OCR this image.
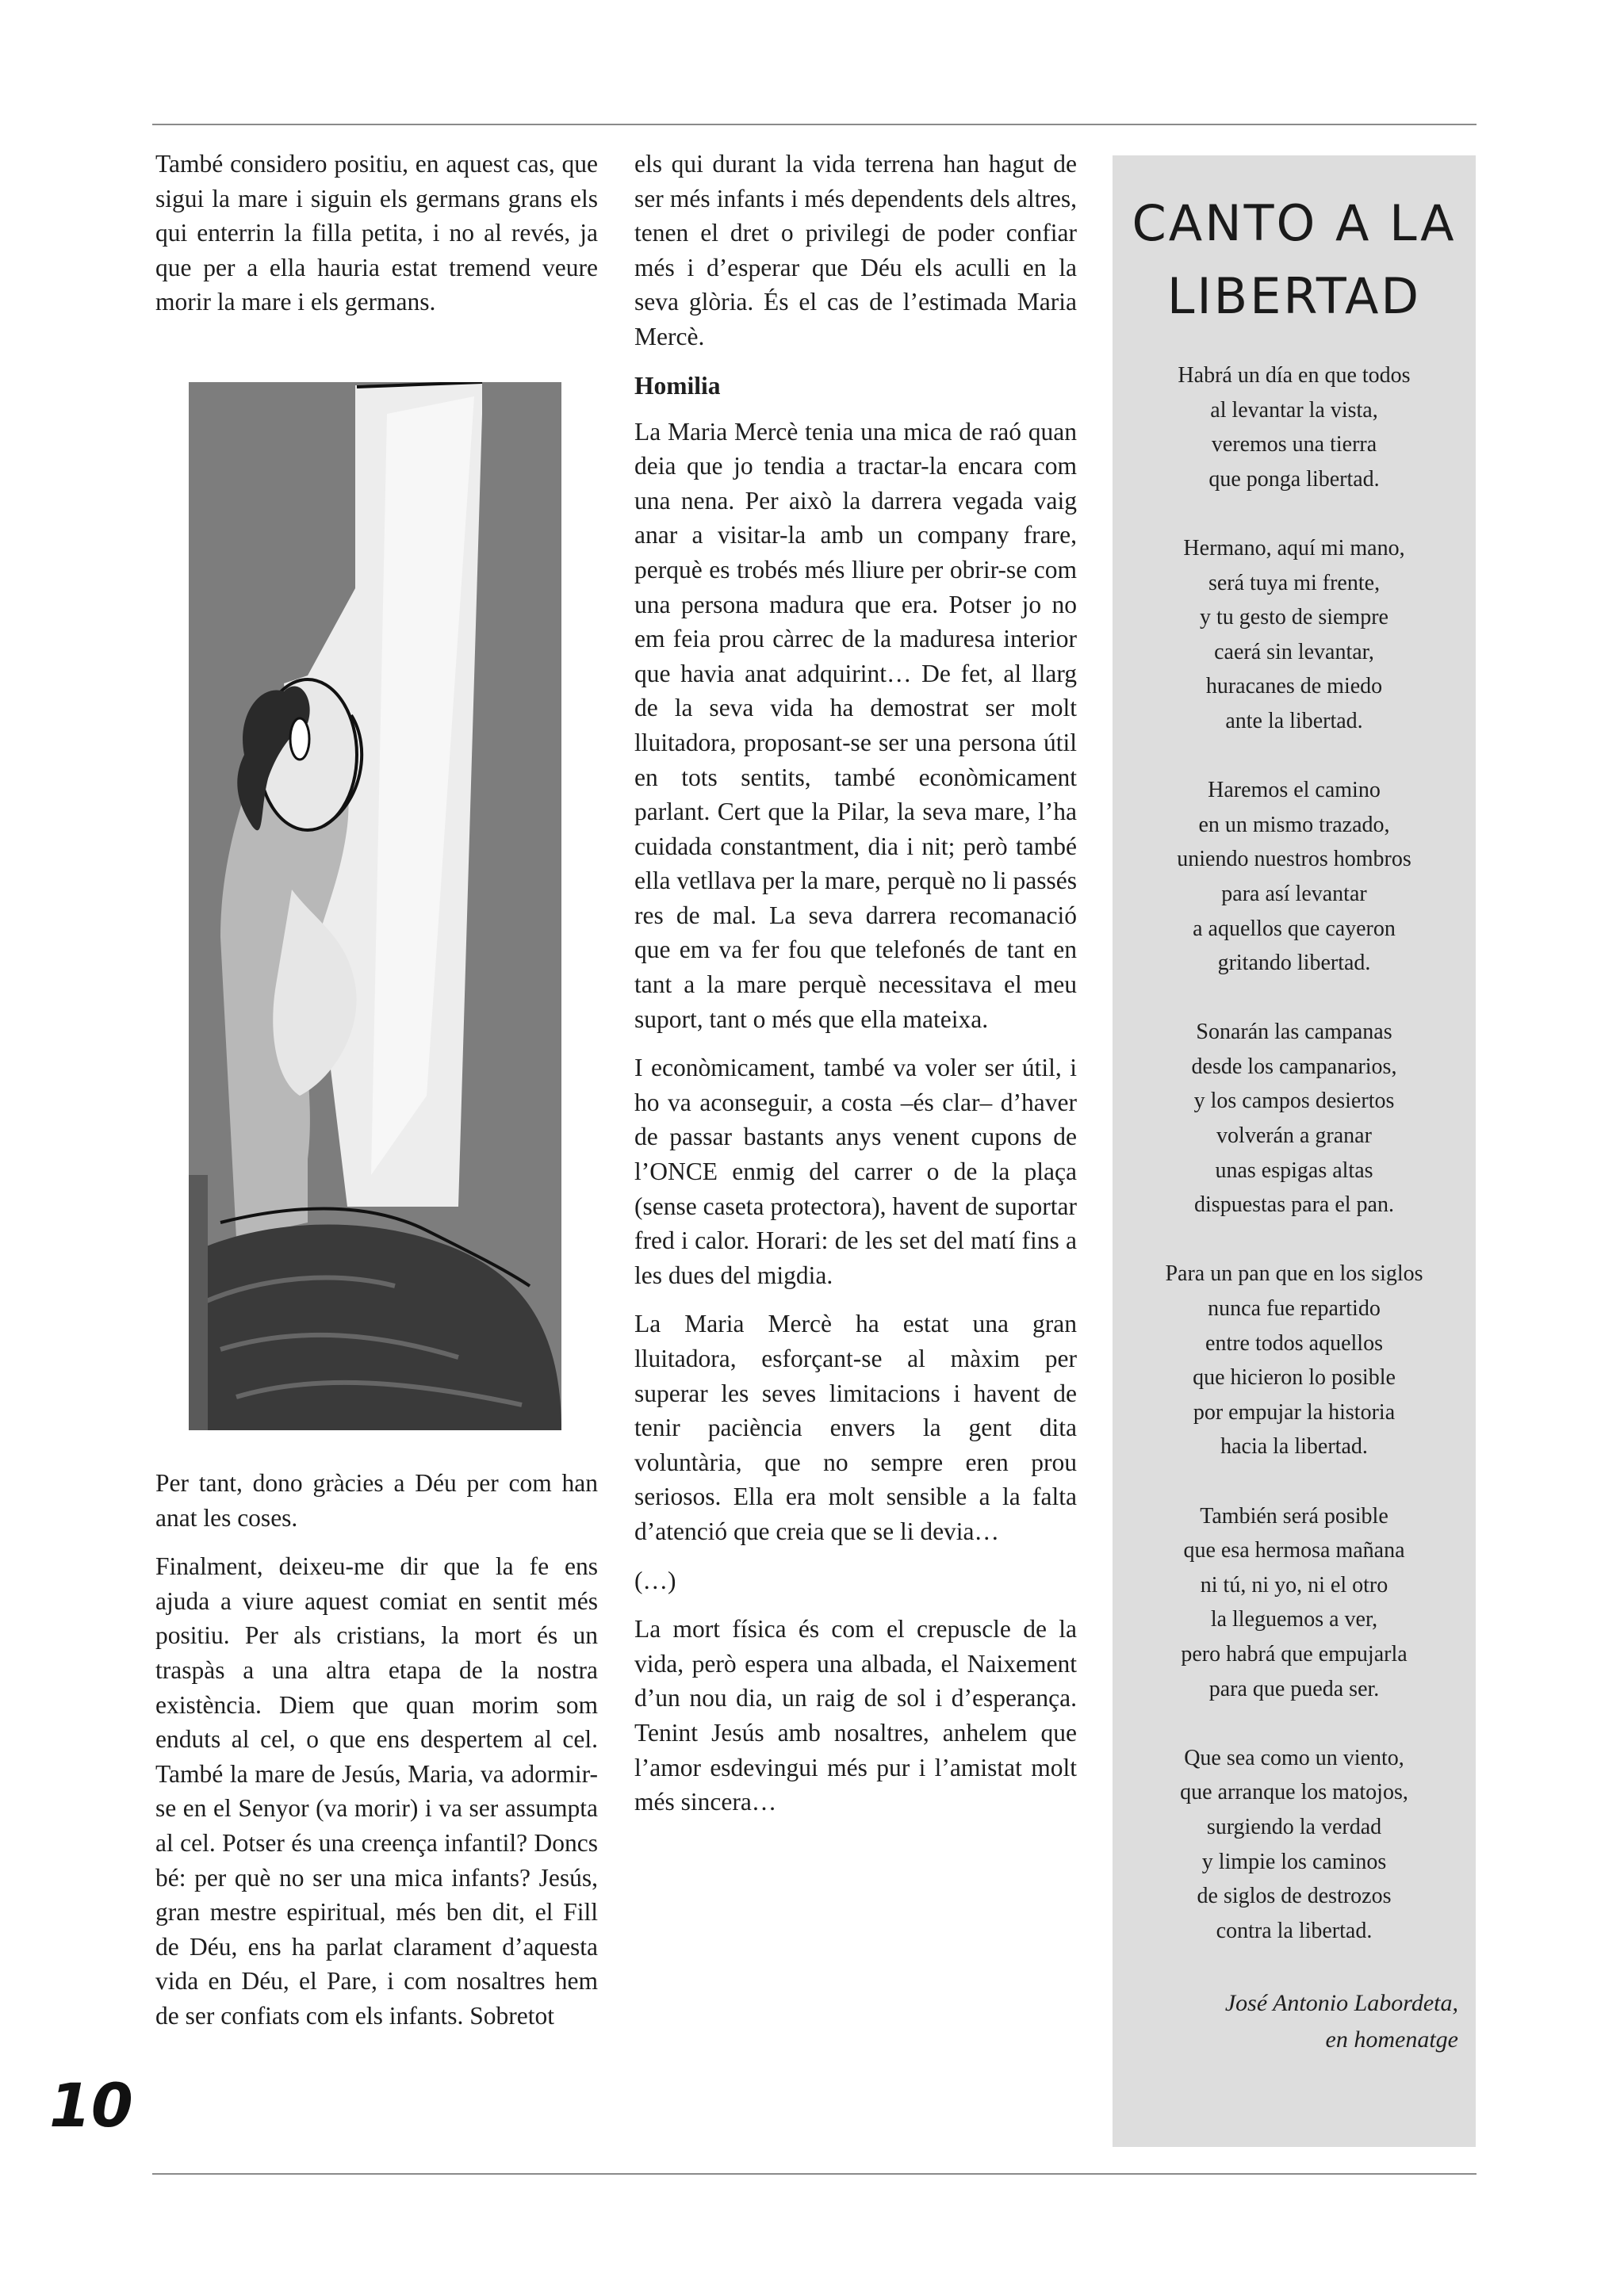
També considero positiu, en aquest cas, que sigui la mare i siguin els germans grans els qui enterrin la filla petita, i no al revés, ja que per a ella hauria estat tremend veure morir la mare i els germans.

Per tant, dono gràcies a Déu per com han anat les coses.

Finalment, deixeu-me dir que la fe ens ajuda a viure aquest comiat en sentit més positiu. Per als cristians, la mort és un traspàs a una altra etapa de la nostra existència. Diem que quan morim som enduts al cel, o que ens despertem al cel. També la mare de Jesús, Maria, va adormir-se en el Senyor (va morir) i va ser assumpta al cel. Potser és una creença infantil? Doncs bé: per què no ser una mica infants? Jesús, gran mestre espiritual, més ben dit, el Fill de Déu, ens ha parlat clarament d’aquesta vida en Déu, el Pare, i com nosaltres hem de ser confiats com els infants. Sobretot

els qui durant la vida terrena han hagut de ser més infants i més dependents dels altres, tenen el dret o privilegi de poder confiar més i d’esperar que Déu els aculli en la seva glòria. És el cas de l’estimada Maria Mercè.

Homilia

La Maria Mercè tenia una mica de raó quan deia que jo tendia a tractar-la encara com una nena. Per això la darrera vegada vaig anar a visitar-la amb un company frare, perquè es trobés més lliure per obrir-se com una persona madura que era. Potser jo no em feia prou càrrec de la maduresa interior que havia anat adquirint… De fet, al llarg de la seva vida ha demostrat ser molt lluitadora, proposant-se ser una persona útil en tots sentits, també econòmicament parlant. Cert que la Pilar, la seva mare, l’ha cuidada constantment, dia i nit; però també ella vetllava per la mare, perquè no li passés res de mal. La seva darrera recomanació que em va fer fou que telefonés de tant en tant a la mare perquè necessitava el meu suport, tant o més que ella mateixa.

I econòmicament, també va voler ser útil, i ho va aconseguir, a costa –és clar– d’haver de passar bastants anys venent cupons de l’ONCE enmig del carrer o de la plaça (sense caseta protectora), havent de suportar fred i calor. Horari: de les set del matí fins a les dues del migdia.

La Maria Mercè ha estat una gran lluitadora, esforçant-se al màxim per superar les seves limitacions i havent de tenir paciència envers la gent dita voluntària, que no sempre eren prou seriosos. Ella era molt sensible a la falta d’atenció que creia que se li devia…

(…)

La mort física és com el crepuscle de la vida, però espera una albada, el Naixement d’un nou dia, un raig de sol i d’esperança. Tenint Jesús amb nosaltres, anhelem que l’amor esdevingui més pur i l’amistat molt més sincera…

CANTO A LA
LIBERTAD
Habrá un día en que todos
al levantar la vista,
veremos una tierra
que ponga libertad.
Hermano, aquí mi mano,
será tuya mi frente,
y tu gesto de siempre
caerá sin levantar,
huracanes de miedo
ante la libertad.
Haremos el camino
en un mismo trazado,
uniendo nuestros hombros
para así levantar
a aquellos que cayeron
gritando libertad.
Sonarán las campanas
desde los campanarios,
y los campos desiertos
volverán a granar
unas espigas altas
dispuestas para el pan.
Para un pan que en los siglos
nunca fue repartido
entre todos aquellos
que hicieron lo posible
por empujar la historia
hacia la libertad.
También será posible
que esa hermosa mañana
ni tú, ni yo, ni el otro
la lleguemos a ver,
pero habrá que empujarla
para que pueda ser.
Que sea como un viento,
que arranque los matojos,
surgiendo la verdad
y limpie los caminos
de siglos de destrozos
contra la libertad.
José Antonio Labordeta,
en homenatge
10
